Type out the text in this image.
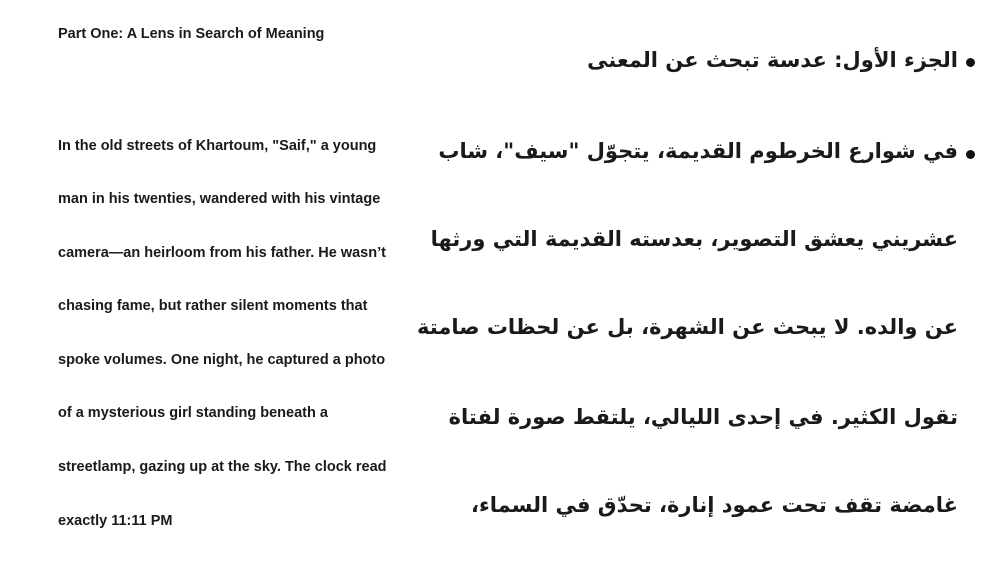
Part One: A Lens in Search of Meaning
In the old streets of Khartoum, "Saif," a young
man in his twenties, wandered with his vintage
camera—an heirloom from his father. He wasn’t
chasing fame, but rather silent moments that
spoke volumes. One night, he captured a photo
of a mysterious girl standing beneath a
streetlamp, gazing up at the sky. The clock read
exactly 11:11 PM
الجزء الأول: عدسة تبحث عن المعنى
في شوارع الخرطوم القديمة، يتجوّل "سيف"، شاب
عشريني يعشق التصوير، بعدسته القديمة التي ورثها
عن والده. لا يبحث عن الشهرة، بل عن لحظات صامتة
تقول الكثير. في إحدى الليالي، يلتقط صورة لفتاة
غامضة تقف تحت عمود إنارة، تحدّق في السماء،
